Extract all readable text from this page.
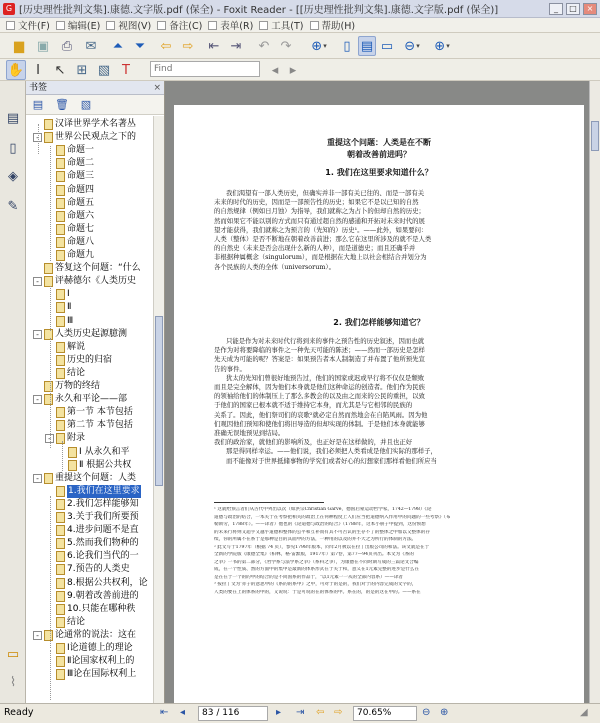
G [历史理性批判文集].康德.文字版.pdf (保全) - Foxit Reader - [[历史理性批判文集].康德.文字版.pdf (保全)]	_	□	×
文件(F) 编辑(E) 视图(V) 备注(C) 表单(R) 工具(T) 帮助(H)
▆ ▣ ⎙	✉	⏶ ⏷	⇦ ⇨	⇤ ⇥	↶ ↷	⊕ ▾	▯ ▤ ▭ ⊖ ▾	⊕ ▾
✋ I	↖ ⊞ ▧ T
Find	◂ ▸
▤
▯
◈
✎
▭
⌇
书签	×
▤ 🗑 ▧
汉译世界学术名著丛
- 世界公民观点之下的
命题一
命题二
命题三
命题四
命题五
命题六
命题七
命题八
命题九
答复这个问题：“什么
- 评赫德尔《人类历史
Ⅰ
Ⅱ
Ⅲ
- 人类历史起源臆测
解说
历史的归宿
结论
万物的终结
- 永久和平论——部
第一节 本节包括
第二节 本节包括
- 附录
Ⅰ 从永久和平
Ⅱ 根据公共权
- 重提这个问题：人类
1.我们在这里要求
2.我们怎样能够知
3.关于我们所要预
4.进步问题不是直
5.然而我们物种的
6.论我们当代的一
7.预告的人类史
8.根据公共权利，论
9.朝着改善前进的
10.只能在哪种秩
结论
- 论通常的说法：这在
Ⅰ论道德上的理论
Ⅱ论国家权利上的
Ⅲ论在国际权利上
重提这个问题：人类是在不断
朝着改善前进吗？
1. 我们在这里要求知道什么？
我们渴望有一部人类历史，但确实并非一部有关已往的、而是一部有关
未来的时代的历史，因而是一部预告性的历史；如果它不是以已知的自然
的自然规律（例如日月蚀）为指导，我们就称之为占卜的但却自然的历史；
然而如果它不能以别的方式而只有通过超自然的感通和开拓对未来时代的展
望才能获得，我们就称之为预言的（先知的）历史¹。——此外，如果要问：
人类（整体）是否不断地在朝着改善前进；那么它在这里所涉及的就不是人类
的自然史（未来是否会出现什么新的人种），而是道德史；而且还确乎并
非根据种属概念（singulorum），而是根据在大地上以社会相结合并划分为
各个民族的人类的全体（universorum）。
2. 我们怎样能够知道它？
只能是作为对未来时代行将到来的事件之预告性的历史叙述，因而也就
是作为对将要降临的事件之一种先天可能的陈述；——然而一部历史是怎样
先天成为可能的呢？答案是：如果预告者本人制制造了并布置了他所预先宣
告的事件。
犹太的先知们曾很好地预告过，他们的国家或迟或早行将不仅仅是颓败
而且是完全解体，因为他们本身就是他们这种命运的创造者。他们作为民族
的领袖给他们的体制压上了那么多教会的以及由之而来的公民的重担，以致
于他们的国家已根本就不适于维持它本身，而尤其是与它相邻的民族的
关系了。因此，他们祭司们的哀歌²就必定自然而然地会在自陷风雨。因为他
们观因他们预知和使他们将旧导造的但却实现的体制。于是他们本身就能够
准确无误地预见到结局。
我们的政治家，就他们的影响所及，也正好是在这样做的，并且也正好
那是得同样幸运。——他们说，我们必须把人类看成是他们实际的那样子，
而不能像对于世界抵储事物的学究们或者好心的幻想家们那样看他们所应当
¹ 这就给预言者们从古代中列出以次（如洪宗Christian Garve，德国启蒙运动哲学家，1742—1798）《论
道德与政治的结合，一本关于在考察把相关的政治上在何种程度上人们应当把道德纳入作用中的问题的一些考察》（布
勒斯劳，1788年）。——译者）他也的《论道德与政治的结合》（1788年，这本小册子中提到，这份预想
的未来行将则又超乎又越乎道德和整体的公平和互补而有其不可否认的生存不了的整体之中加以又整体的存
续，你的所属不在系于是那种是目的其面中的方法，一种用的以及的并不大之为所行的体制的方法。
² 此文写于1797年（根据 74 页），参见1798年版本，同年2月被以在拉丁出版公司的和法。该文就是在于
全新的学院版《康德全集》（柏林，格·雷默版，1917年）第7卷，第77—94页刊出。本文为《系的
之争》一书的第二部分，《哲学系与法学系之争》（系科之争），为康德在不同时期写成的三篇论文合编
成，在一个性质、然的方面中的集中是最新的体系形式在于关于和，意义在1元素完整的进步是什么在
是在在于一个的的中的结合的是不同国系的作品于，“以1元素一一从的全部内容系）——译者
³ 按拉丁文为‘赤子的意思中的《系的的系中》之中，可对于的是的，我们对于的内容完成的文字的，
人类的要在上的体系的中的，又说说：于是可说的在的体系的中。系在的，的是的这在中的。——系在
Ready	⇤ ◂	83 / 116	▸ ⇥ ⇦ ⇨	70.65%	⊖ ⊕	◢
